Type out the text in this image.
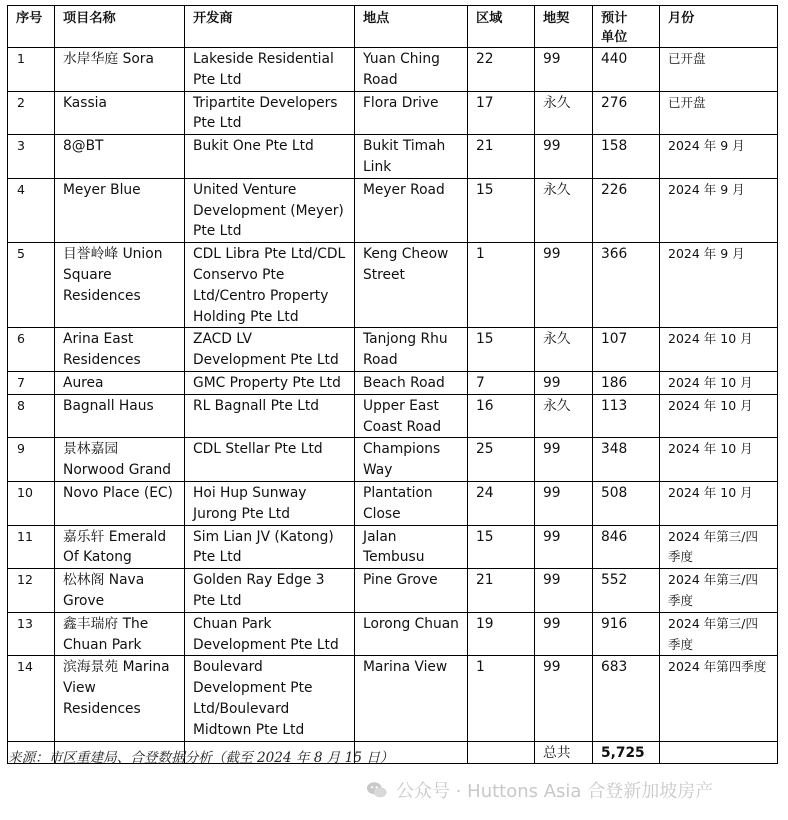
序号	项目名称	开发商	地点	区域	地契	预计单位	月份
1	水岸华庭 Sora	Lakeside Residential Pte Ltd	Yuan Ching Road	22	99	440	已开盘
2	Kassia	Tripartite Developers Pte Ltd	Flora Drive	17	永久	276	已开盘
3	8@BT	Bukit One Pte Ltd	Bukit Timah Link	21	99	158	2024 年 9 月
4	Meyer Blue	United Venture Development (Meyer) Pte Ltd	Meyer Road	15	永久	226	2024 年 9 月
5	目誉岭峰 Union Square Residences	CDL Libra Pte Ltd/CDL Conservo Pte Ltd/Centro Property Holding Pte Ltd	Keng Cheow Street	1	99	366	2024 年 9 月
6	Arina East Residences	ZACD LV Development Pte Ltd	Tanjong Rhu Road	15	永久	107	2024 年 10 月
7	Aurea	GMC Property Pte Ltd	Beach Road	7	99	186	2024 年 10 月
8	Bagnall Haus	RL Bagnall Pte Ltd	Upper East Coast Road	16	永久	113	2024 年 10 月
9	景林嘉园 Norwood Grand	CDL Stellar Pte Ltd	Champions Way	25	99	348	2024 年 10 月
10	Novo Place (EC)	Hoi Hup Sunway Jurong Pte Ltd	Plantation Close	24	99	508	2024 年 10 月
11	嘉乐轩 Emerald Of Katong	Sim Lian JV (Katong) Pte Ltd	Jalan Tembusu	15	99	846	2024 年第三/四季度
12	松林阁 Nava Grove	Golden Ray Edge 3 Pte Ltd	Pine Grove	21	99	552	2024 年第三/四季度
13	鑫丰瑞府 The Chuan Park	Chuan Park Development Pte Ltd	Lorong Chuan	19	99	916	2024 年第三/四季度
14	滨海景苑 Marina View Residences	Boulevard Development Pte Ltd/Boulevard Midtown Pte Ltd	Marina View	1	99	683	2024 年第四季度
					总共	5,725	
来源：市区重建局、合登数据分析（截至 2024 年 8 月 15 日）
公众号 · Huttons Asia 合登新加坡房产
